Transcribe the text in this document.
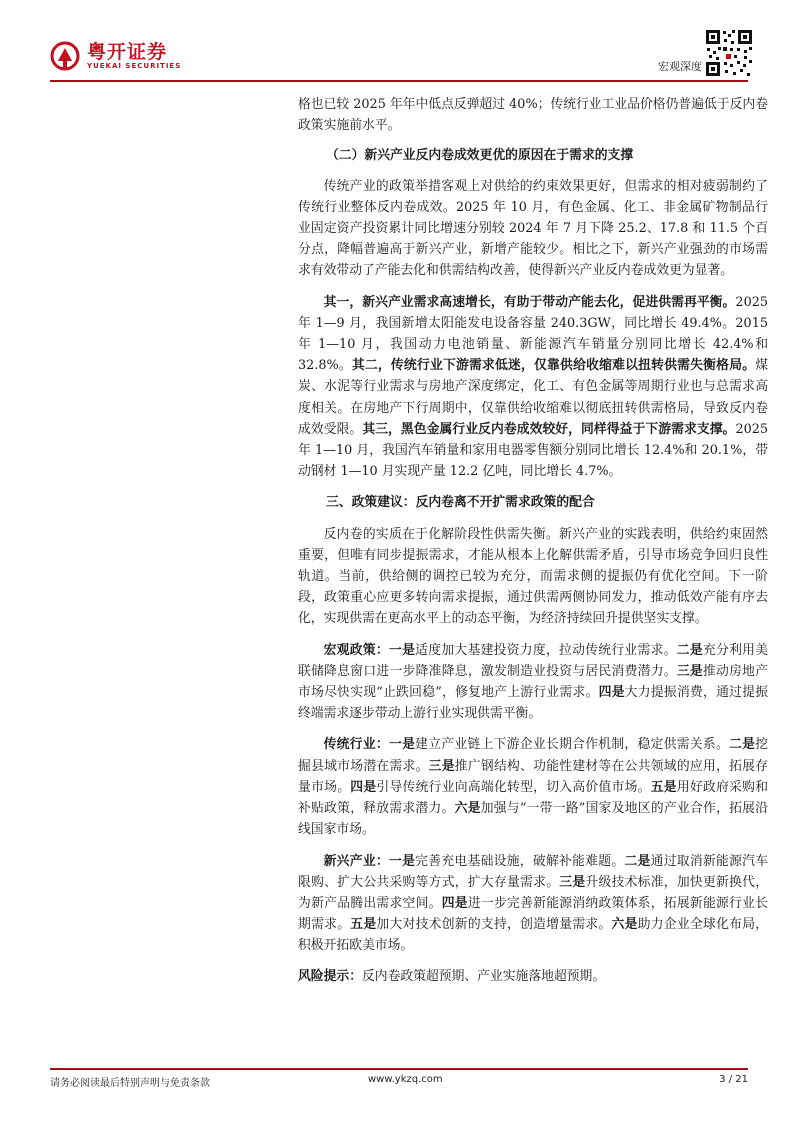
粤开证券
YUEKAI SECURITIES	宏观深度

格也已较 2025 年年中低点反弹超过 40%；传统行业工业品价格仍普遍低于反内卷政策实施前水平。

（二）新兴产业反内卷成效更优的原因在于需求的支撑

传统产业的政策举措客观上对供给的约束效果更好，但需求的相对疲弱制约了传统行业整体反内卷成效。2025 年 10 月，有色金属、化工、非金属矿物制品行业固定资产投资累计同比增速分别较 2024 年 7 月下降 25.2、17.8 和 11.5 个百分点，降幅普遍高于新兴产业，新增产能较少。相比之下，新兴产业强劲的市场需求有效带动了产能去化和供需结构改善，使得新兴产业反内卷成效更为显著。

其一，新兴产业需求高速增长，有助于带动产能去化，促进供需再平衡。2025 年 1—9 月，我国新增太阳能发电设备容量 240.3GW，同比增长 49.4%。2015 年 1—10 月，我国动力电池销量、新能源汽车销量分别同比增长 42.4%和 32.8%。其二，传统行业下游需求低迷，仅靠供给收缩难以扭转供需失衡格局。煤炭、水泥等行业需求与房地产深度绑定，化工、有色金属等周期行业也与总需求高度相关。在房地产下行周期中，仅靠供给收缩难以彻底扭转供需格局，导致反内卷成效受限。其三，黑色金属行业反内卷成效较好，同样得益于下游需求支撑。2025 年 1—10 月，我国汽车销量和家用电器零售额分别同比增长 12.4%和 20.1%，带动钢材 1—10 月实现产量 12.2 亿吨，同比增长 4.7%。

三、政策建议：反内卷离不开扩需求政策的配合

反内卷的实质在于化解阶段性供需失衡。新兴产业的实践表明，供给约束固然重要，但唯有同步提振需求，才能从根本上化解供需矛盾，引导市场竞争回归良性轨道。当前，供给侧的调控已较为充分，而需求侧的提振仍有优化空间。下一阶段，政策重心应更多转向需求提振，通过供需两侧协同发力，推动低效产能有序去化，实现供需在更高水平上的动态平衡，为经济持续回升提供坚实支撑。

宏观政策：一是适度加大基建投资力度，拉动传统行业需求。二是充分利用美联储降息窗口进一步降准降息，激发制造业投资与居民消费潜力。三是推动房地产市场尽快实现“止跌回稳”，修复地产上游行业需求。四是大力提振消费，通过提振终端需求逐步带动上游行业实现供需平衡。

传统行业：一是建立产业链上下游企业长期合作机制，稳定供需关系。二是挖掘县域市场潜在需求。三是推广钢结构、功能性建材等在公共领域的应用，拓展存量市场。四是引导传统行业向高端化转型，切入高价值市场。五是用好政府采购和补贴政策，释放需求潜力。六是加强与“一带一路”国家及地区的产业合作，拓展沿线国家市场。

新兴产业：一是完善充电基础设施，破解补能难题。二是通过取消新能源汽车限购、扩大公共采购等方式，扩大存量需求。三是升级技术标准，加快更新换代，为新产品腾出需求空间。四是进一步完善新能源消纳政策体系，拓展新能源行业长期需求。五是加大对技术创新的支持，创造增量需求。六是助力企业全球化布局，积极开拓欧美市场。

风险提示：反内卷政策超预期、产业实施落地超预期。

请务必阅读最后特别声明与免责条款	www.ykzq.com	3 / 21
